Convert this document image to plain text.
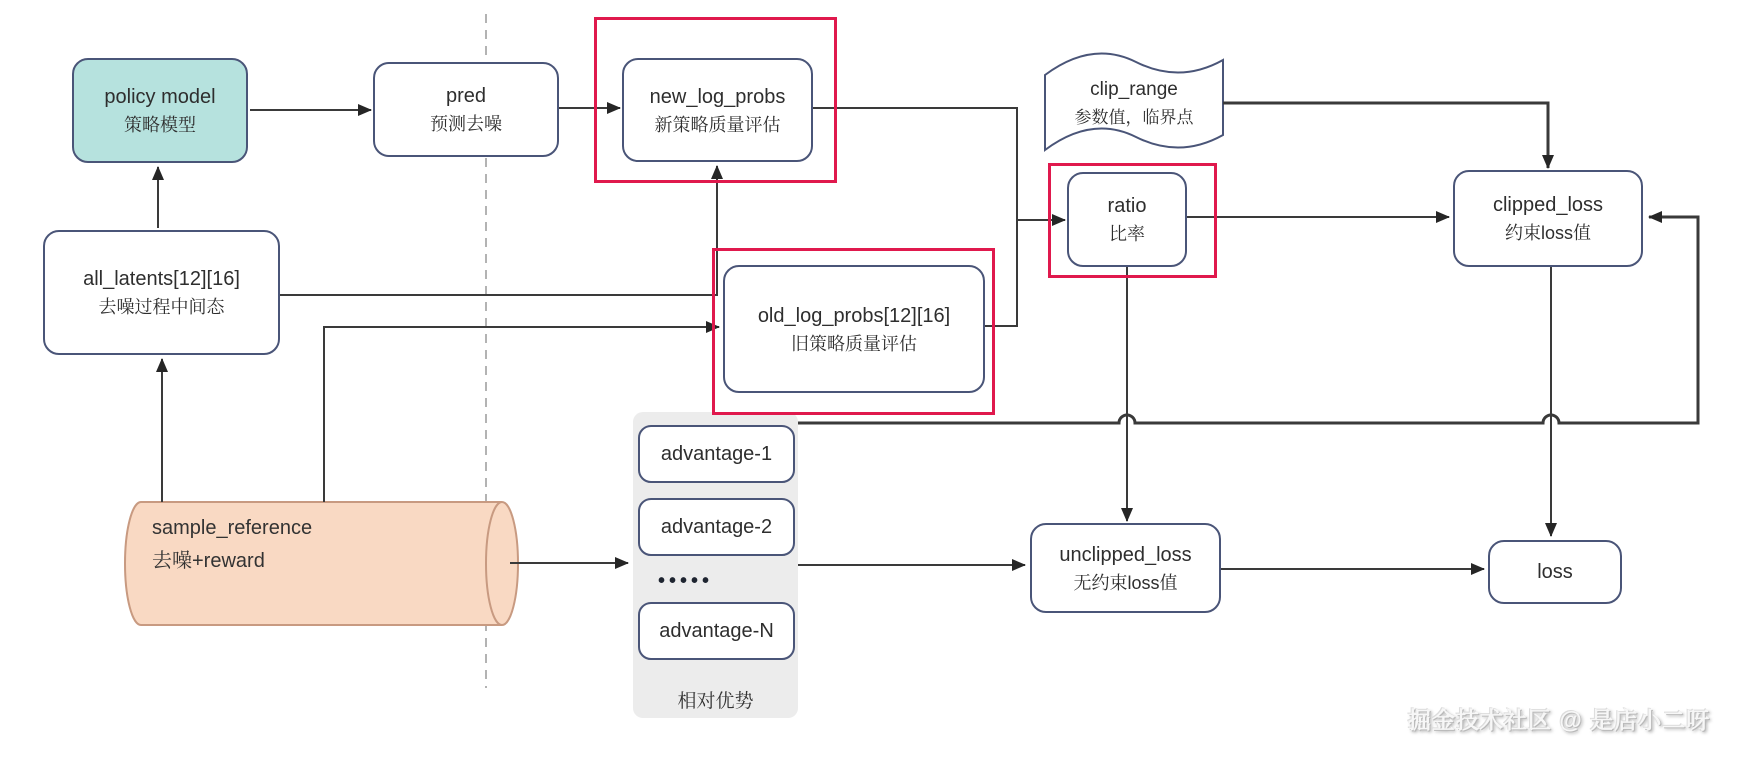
advantage-1
advantage-2
•••••
advantage-N
相对优势
policy model
策略模型
pred
预测去噪
new_log_probs
新策略质量评估
clip_range
参数值，临界点
ratio
比率
clipped_loss
约束loss值
all_latents[12][16]
去噪过程中间态	old_log_probs[12][16]
旧策略质量评估
sample_reference
去噪+reward	unclipped_loss
无约束loss值	loss
掘金技术社区 @ 是店小二呀
